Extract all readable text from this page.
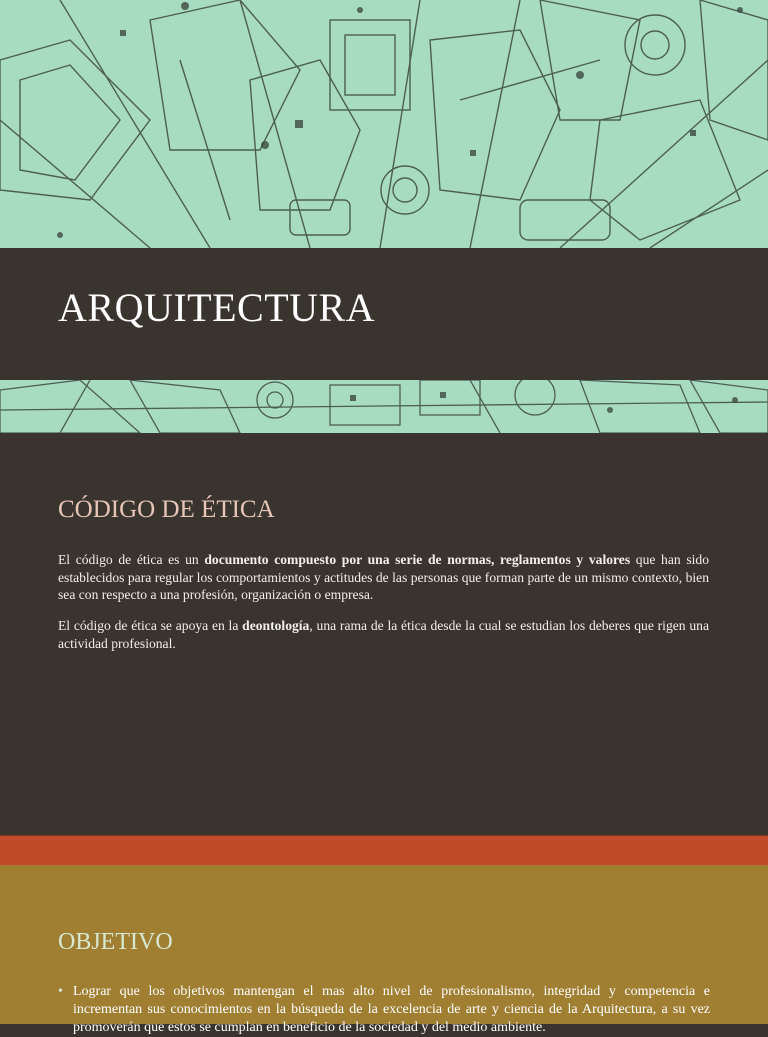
ARQUITECTURA
CÓDIGO DE ÉTICA

El código de ética es un documento compuesto por una serie de normas, reglamentos y valores que han sido establecidos para regular los comportamientos y actitudes de las personas que forman parte de un mismo contexto, bien sea con respecto a una profesión, organización o empresa.

El código de ética se apoya en la deontología, una rama de la ética desde la cual se estudian los deberes que rigen una actividad profesional.

OBJETIVO
• Lograr que los objetivos mantengan el mas alto nivel de profesionalismo, integridad y competencia e incrementan sus conocimientos en la búsqueda de la excelencia de arte y ciencia de la Arquitectura, a su vez promoverán que estos se cumplan en beneficio de la sociedad y del medio ambiente.
